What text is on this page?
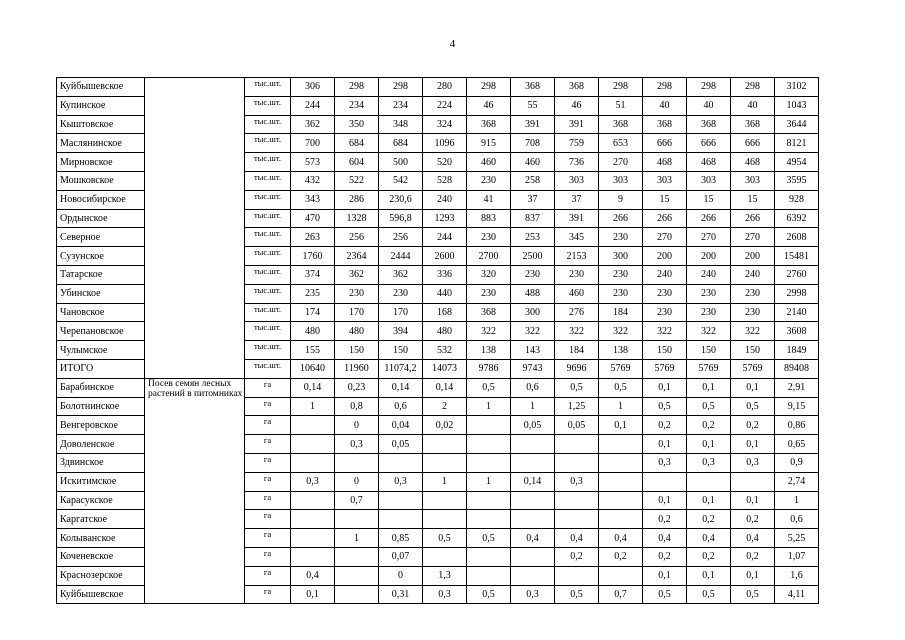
4
Куйбышевское		тыс.шт.	306	298	298	280	298	368	368	298	298	298	298	3102
Купинское		тыс.шт.	244	234	234	224	46	55	46	51	40	40	40	1043
Кыштовское		тыс.шт.	362	350	348	324	368	391	391	368	368	368	368	3644
Маслянинское		тыс.шт.	700	684	684	1096	915	708	759	653	666	666	666	8121
Мирновское		тыс.шт.	573	604	500	520	460	460	736	270	468	468	468	4954
Мошковское		тыс.шт.	432	522	542	528	230	258	303	303	303	303	303	3595
Новосибирское		тыс.шт.	343	286	230,6	240	41	37	37	9	15	15	15	928
Ордынское		тыс.шт.	470	1328	596,8	1293	883	837	391	266	266	266	266	6392
Северное		тыс.шт.	263	256	256	244	230	253	345	230	270	270	270	2608
Сузунское		тыс.шт.	1760	2364	2444	2600	2700	2500	2153	300	200	200	200	15481
Татарское		тыс.шт.	374	362	362	336	320	230	230	230	240	240	240	2760
Убинское		тыс.шт.	235	230	230	440	230	488	460	230	230	230	230	2998
Чановское		тыс.шт.	174	170	170	168	368	300	276	184	230	230	230	2140
Черепановское		тыс.шт.	480	480	394	480	322	322	322	322	322	322	322	3608
Чулымское		тыс.шт.	155	150	150	532	138	143	184	138	150	150	150	1849
ИТОГО		тыс.шт.	10640	11960	11074,2	14073	9786	9743	9696	5769	5769	5769	5769	89408
Барабинское	Посев семян лесных растений в питомниках	га	0,14	0,23	0,14	0,14	0,5	0,6	0,5	0,5	0,1	0,1	0,1	2,91
Болотнинское		га	1	0,8	0,6	2	1	1	1,25	1	0,5	0,5	0,5	9,15
Венгеровское		га		0	0,04	0,02		0,05	0,05	0,1	0,2	0,2	0,2	0,86
Доволенское		га		0,3	0,05						0,1	0,1	0,1	0,65
Здвинское		га									0,3	0,3	0,3	0,9
Искитимское		га	0,3	0	0,3	1	1	0,14	0,3					2,74
Карасукское		га		0,7							0,1	0,1	0,1	1
Каргатское		га									0,2	0,2	0,2	0,6
Колыванское		га		1	0,85	0,5	0,5	0,4	0,4	0,4	0,4	0,4	0,4	5,25
Коченевское		га			0,07				0,2	0,2	0,2	0,2	0,2	1,07
Краснозерское		га	0,4		0	1,3					0,1	0,1	0,1	1,6
Куйбышевское		га	0,1		0,31	0,3	0,5	0,3	0,5	0,7	0,5	0,5	0,5	4,11
